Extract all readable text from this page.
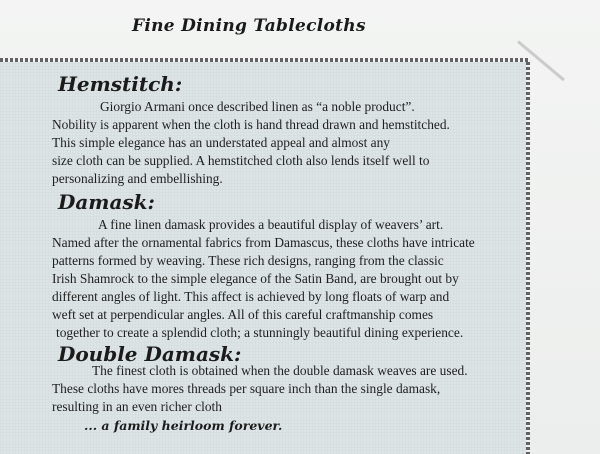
Fine Dining Tablecloths
Hemstitch:
Giorgio Armani once described linen as “a noble product”.
Nobility is apparent when the cloth is hand thread drawn and hemstitched.
This simple elegance has an understated appeal and almost any
size cloth can be supplied. A hemstitched cloth also lends itself well to
personalizing and embellishing.
Damask:
A fine linen damask provides a beautiful display of weavers’ art.
Named after the ornamental fabrics from Damascus, these cloths have intricate
patterns formed by weaving. These rich designs, ranging from the classic
Irish Shamrock to the simple elegance of the Satin Band, are brought out by
different angles of light. This affect is achieved by long floats of warp and
weft set at perpendicular angles. All of this careful craftmanship comes
together to create a splendid cloth; a stunningly beautiful dining experience.
Double Damask:
The finest cloth is obtained when the double damask weaves are used.
These cloths have mores threads per square inch than the single damask,
resulting in an even richer cloth
... a family heirloom forever.
